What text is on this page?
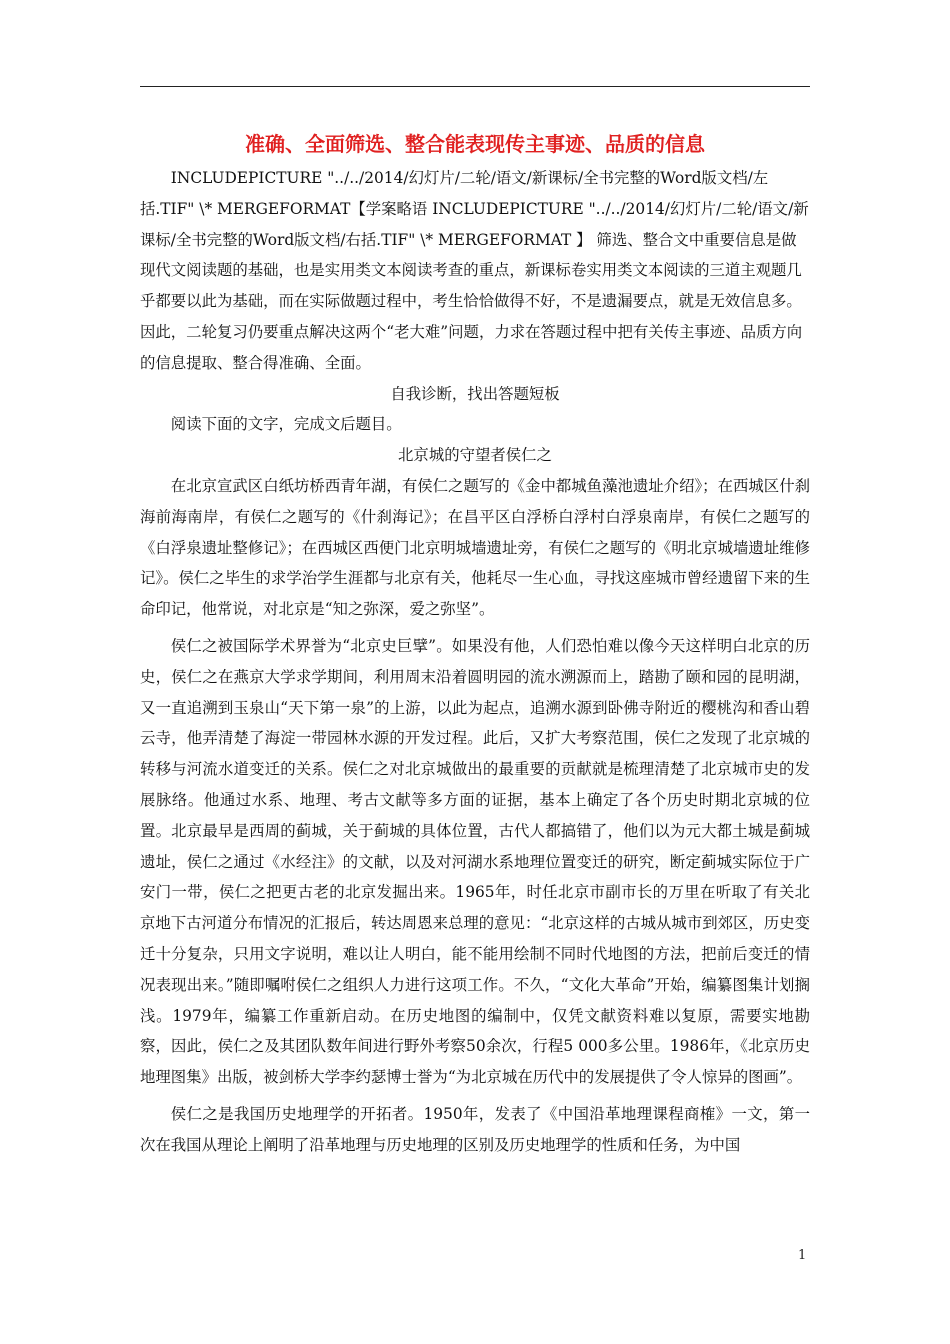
准确、全面筛选、整合能表现传主事迹、品质的信息

INCLUDEPICTURE "../../2014/幻灯片/二轮/语文/新课标/全书完整的Word版文档/左括.TIF" \* MERGEFORMAT【学案略语 INCLUDEPICTURE "../../2014/幻灯片/二轮/语文/新课标/全书完整的Word版文档/右括.TIF" \* MERGEFORMAT 】 筛选、整合文中重要信息是做现代文阅读题的基础，也是实用类文本阅读考查的重点，新课标卷实用类文本阅读的三道主观题几乎都要以此为基础，而在实际做题过程中，考生恰恰做得不好，不是遗漏要点，就是无效信息多。因此，二轮复习仍要重点解决这两个“老大难”问题，力求在答题过程中把有关传主事迹、品质方向的信息提取、整合得准确、全面。

自我诊断，找出答题短板

阅读下面的文字，完成文后题目。

北京城的守望者侯仁之

在北京宣武区白纸坊桥西青年湖，有侯仁之题写的《金中都城鱼藻池遗址介绍》；在西城区什刹海前海南岸，有侯仁之题写的《什刹海记》；在昌平区白浮桥白浮村白浮泉南岸，有侯仁之题写的《白浮泉遗址整修记》；在西城区西便门北京明城墙遗址旁，有侯仁之题写的《明北京城墙遗址维修记》。侯仁之毕生的求学治学生涯都与北京有关，他耗尽一生心血，寻找这座城市曾经遗留下来的生命印记，他常说，对北京是“知之弥深，爱之弥坚”。

侯仁之被国际学术界誉为“北京史巨擘”。如果没有他，人们恐怕难以像今天这样明白北京的历史，侯仁之在燕京大学求学期间，利用周末沿着圆明园的流水溯源而上，踏勘了颐和园的昆明湖，又一直追溯到玉泉山“天下第一泉”的上游，以此为起点，追溯水源到卧佛寺附近的樱桃沟和香山碧云寺，他弄清楚了海淀一带园林水源的开发过程。此后，又扩大考察范围，侯仁之发现了北京城的转移与河流水道变迁的关系。侯仁之对北京城做出的最重要的贡献就是梳理清楚了北京城市史的发展脉络。他通过水系、地理、考古文献等多方面的证据，基本上确定了各个历史时期北京城的位置。北京最早是西周的蓟城，关于蓟城的具体位置，古代人都搞错了，他们以为元大都土城是蓟城遗址，侯仁之通过《水经注》的文献，以及对河湖水系地理位置变迁的研究，断定蓟城实际位于广安门一带，侯仁之把更古老的北京发掘出来。1965年，时任北京市副市长的万里在听取了有关北京地下古河道分布情况的汇报后，转达周恩来总理的意见：“北京这样的古城从城市到郊区，历史变迁十分复杂，只用文字说明，难以让人明白，能不能用绘制不同时代地图的方法，把前后变迁的情况表现出来。”随即嘱咐侯仁之组织人力进行这项工作。不久，“文化大革命”开始，编纂图集计划搁浅。1979年，编纂工作重新启动。在历史地图的编制中，仅凭文献资料难以复原，需要实地勘察，因此，侯仁之及其团队数年间进行野外考察50余次，行程5 000多公里。1986年，《北京历史地理图集》出版，被剑桥大学李约瑟博士誉为“为北京城在历代中的发展提供了令人惊异的图画”。

侯仁之是我国历史地理学的开拓者。1950年，发表了《中国沿革地理课程商榷》一文，第一次在我国从理论上阐明了沿革地理与历史地理的区别及历史地理学的性质和任务，为中国

1
